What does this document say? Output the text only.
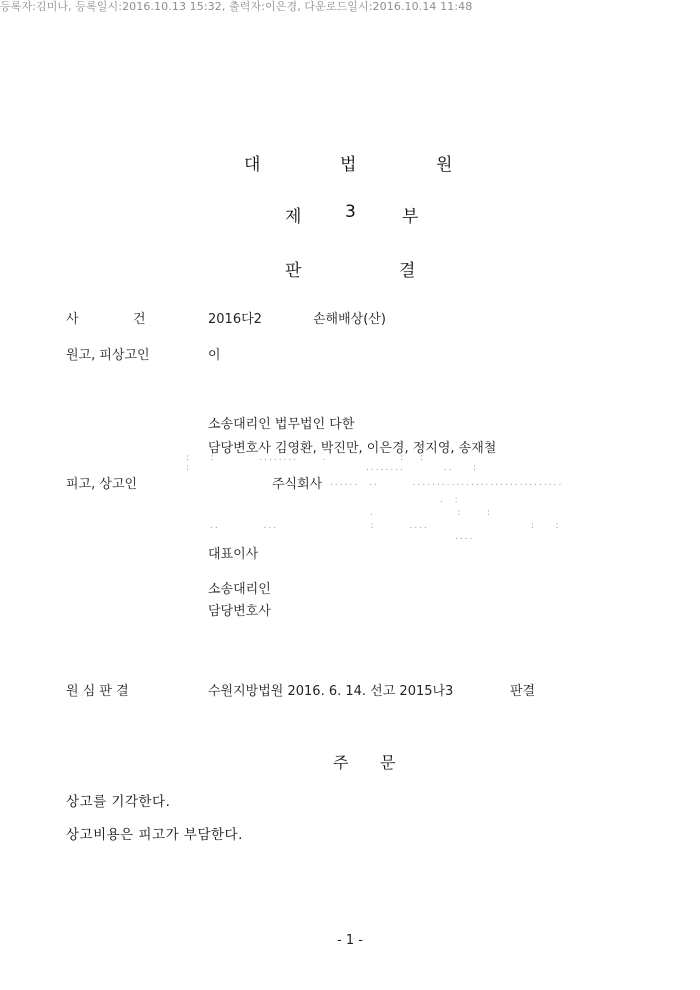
등록자:김미나, 등록일시:2016.10.13 15:32, 출력자:이은경, 다운로드일시:2016.10.14 11:48
대	법	원
제	3	부
판	결
사	건	2016다2	손해배상(산)
원고, 피상고인	이
소송대리인 법무법인 다한
담당변호사 김영환, 박진만, 이은경, 정지영, 송재철
:    :         ........     .               :   :
:                                    ........        ..    :
피고, 상고인	주식회사 ......  ..       ...............................
.  :
.                 :     :
..         ...                   :       ....                     :    :
....
대표이사
소송대리인
담당변호사
원 심 판 결	수원지방법원 2016. 6. 14. 선고 2015나3	판결
주 문
상고를 기각한다.
상고비용은 피고가 부담한다.
- 1 -
